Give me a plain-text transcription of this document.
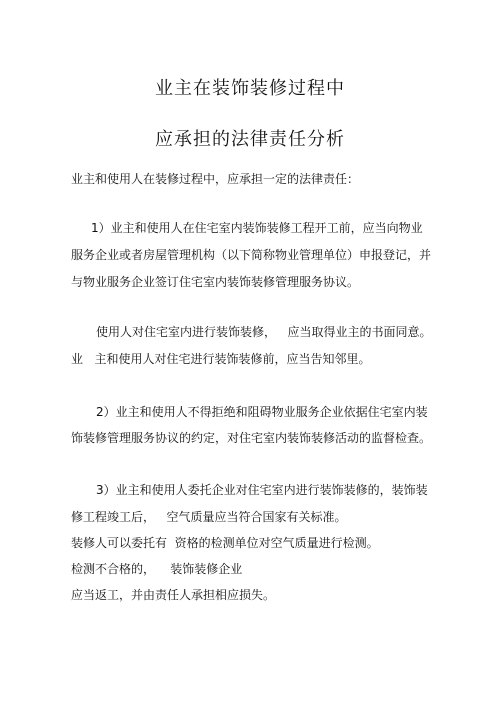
业主在装饰装修过程中
应承担的法律责任分析
业主和使用人在装修过程中，应承担一定的法律责任：
1）业主和使用人在住宅室内装饰装修工程开工前，应当向物业
服务企业或者房屋管理机构（以下简称物业管理单位）申报登记，并
与物业服务企业签订住宅室内装饰装修管理服务协议。
使用人对住宅室内进行装饰装修，   应当取得业主的书面同意。
业   主和使用人对住宅进行装饰装修前，应当告知邻里。
2）业主和使用人不得拒绝和阻碍物业服务企业依据住宅室内装
饰装修管理服务协议的约定，对住宅室内装饰装修活动的监督检查。
3）业主和使用人委托企业对住宅室内进行装饰装修的，装饰装
修工程竣工后，   空气质量应当符合国家有关标准。
装修人可以委托有  资格的检测单位对空气质量进行检测。
检测不合格的，    装饰装修企业
应当返工，并由责任人承担相应损失。
